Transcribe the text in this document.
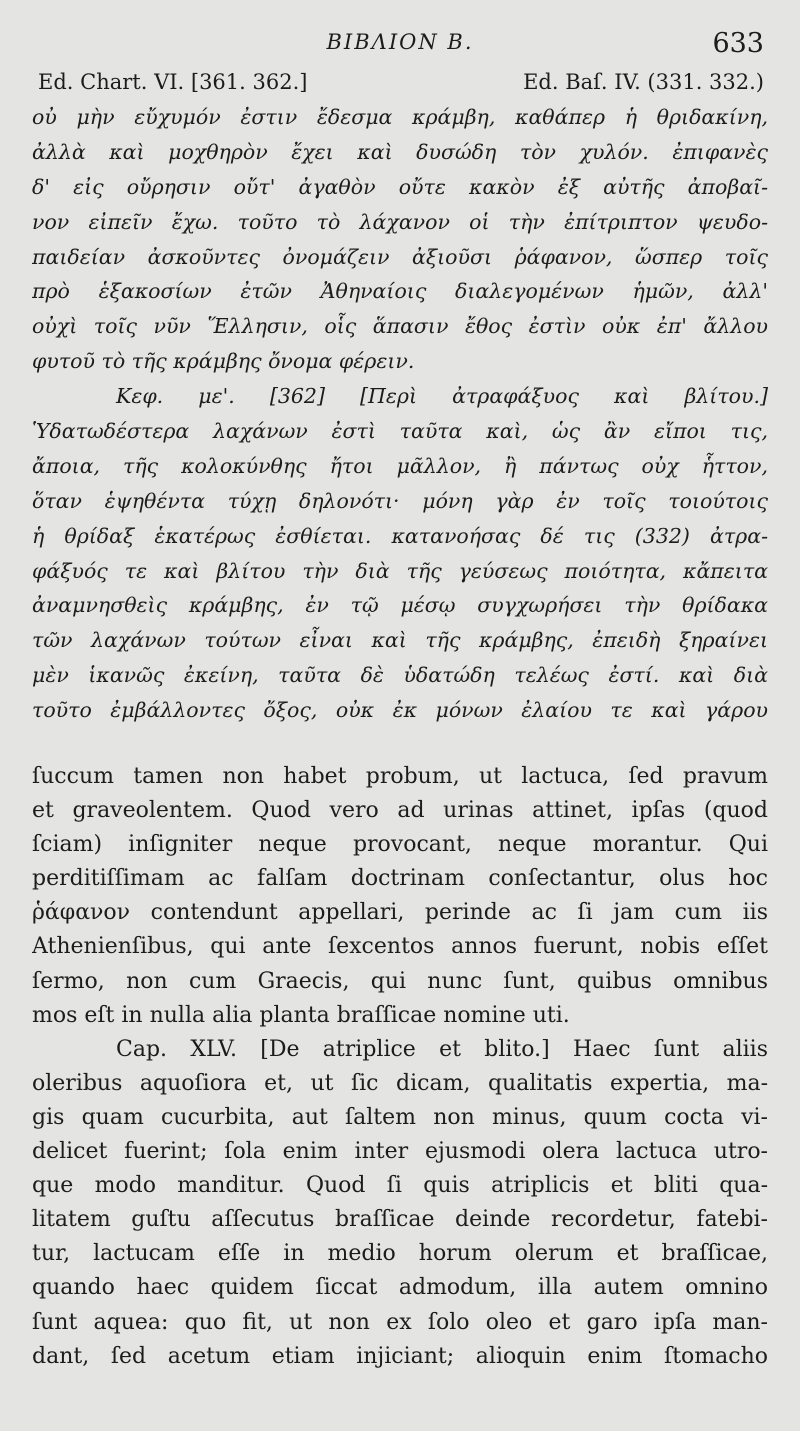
ΒΙΒΛΙΟΝ Β.	633
Ed. Chart. VI. [361. 362.]	Ed. Baſ. IV. (331. 332.)
οὐ μὴν εὔχυμόν ἐστιν ἔδεσμα κράμβη, καθάπερ ἡ θριδακίνη,
ἀλλὰ καὶ μοχθηρὸν ἔχει καὶ δυσώδη τὸν χυλόν. ἐπιφανὲς
δ' εἰς οὔρησιν οὔτ' ἀγαθὸν οὔτε κακὸν ἐξ αὐτῆς ἀποβαῖ-
νον εἰπεῖν ἔχω. τοῦτο τὸ λάχανον οἱ τὴν ἐπίτριπτον ψευδο-
παιδείαν ἀσκοῦντες ὀνομάζειν ἀξιοῦσι ῥάφανον, ὥσπερ τοῖς
πρὸ ἑξακοσίων ἐτῶν Ἀθηναίοις διαλεγομένων ἡμῶν, ἀλλ'
οὐχὶ τοῖς νῦν Ἕλλησιν, οἷς ἅπασιν ἔθος ἐστὶν οὐκ ἐπ' ἄλλου
φυτοῦ τὸ τῆς κράμβης ὄνομα φέρειν.
Κεφ. με'. [362] [Περὶ ἀτραφάξυος καὶ βλίτου.]
Ὑδατωδέστερα λαχάνων ἐστὶ ταῦτα καὶ, ὡς ἂν εἴποι τις,
ἄποια, τῆς κολοκύνθης ἤτοι μᾶλλον, ἢ πάντως οὐχ ἧττον,
ὅταν ἑψηθέντα τύχῃ δηλονότι· μόνη γὰρ ἐν τοῖς τοιούτοις
ἡ θρίδαξ ἑκατέρως ἐσθίεται. κατανοήσας δέ τις (332) ἀτρα-
φάξυός τε καὶ βλίτου τὴν διὰ τῆς γεύσεως ποιότητα, κἄπειτα
ἀναμνησθεὶς κράμβης, ἐν τῷ μέσῳ συγχωρήσει τὴν θρίδακα
τῶν λαχάνων τούτων εἶναι καὶ τῆς κράμβης, ἐπειδὴ ξηραίνει
μὲν ἱκανῶς ἐκείνη, ταῦτα δὲ ὑδατώδη τελέως ἐστί. καὶ διὰ
τοῦτο ἐμβάλλοντες ὄξος, οὐκ ἐκ μόνων ἐλαίου τε καὶ γάρου
ſuccum tamen non habet probum, ut lactuca, ſed pravum
et graveolentem. Quod vero ad urinas attinet, ipſas (quod
ſciam) inſigniter neque provocant, neque morantur. Qui
perditiſſimam ac falſam doctrinam conſectantur, olus hoc
ῥάφανον contendunt appellari, perinde ac ſi jam cum iis
Athenienſibus, qui ante ſexcentos annos fuerunt, nobis eſſet
ſermo, non cum Graecis, qui nunc ſunt, quibus omnibus
mos eſt in nulla alia planta braſſicae nomine uti.
Cap. XLV. [De atriplice et blito.] Haec ſunt aliis
oleribus aquoſiora et, ut ſic dicam, qualitatis expertia, ma-
gis quam cucurbita, aut ſaltem non minus, quum cocta vi-
delicet fuerint; ſola enim inter ejusmodi olera lactuca utro-
que modo manditur. Quod ſi quis atriplicis et bliti qua-
litatem guſtu aſſecutus braſſicae deinde recordetur, fatebi-
tur, lactucam eſſe in medio horum olerum et braſſicae,
quando haec quidem ſiccat admodum, illa autem omnino
ſunt aquea: quo fit, ut non ex ſolo oleo et garo ipſa man-
dant, ſed acetum etiam injiciant; alioquin enim ſtomacho
